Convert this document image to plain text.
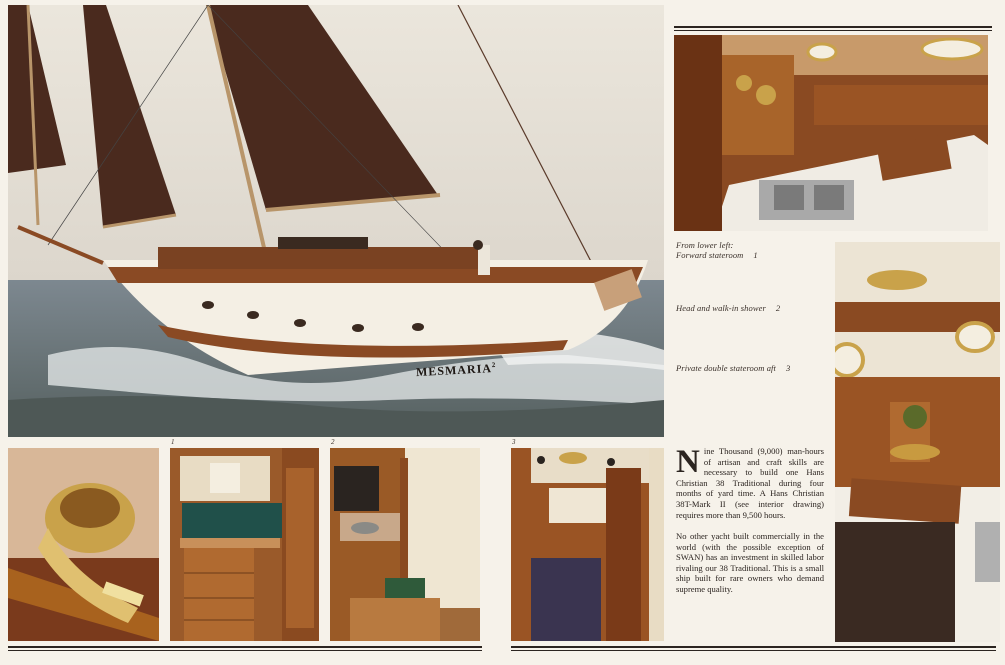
MESMARIA$^2$
1	2	3
From lower left:
Forward stateroom 1
Head and walk-in shower 2
Private double stateroom aft 3
Nine Thousand (9,000) man-hours of artisan and craft skills are necessary to build one Hans Christian 38 Traditional during four months of yard time. A Hans Christian 38T-Mark II (see interior drawing) requires more than 9,500 hours.
No other yacht built commercially in the world (with the possible exception of SWAN) has an investment in skilled labor rivaling our 38 Traditional. This is a small ship built for rare owners who demand supreme quality.
